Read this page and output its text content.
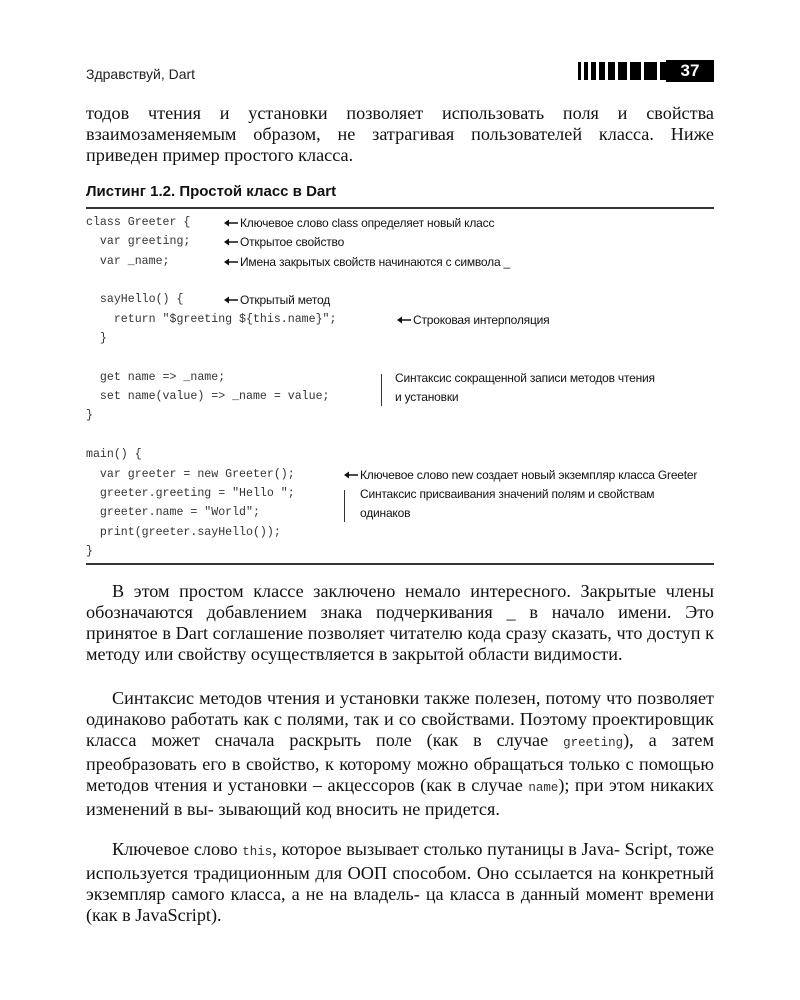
Здравствуй, Dart	37

тодов чтения и установки позволяет использовать поля и свойства взаимозаменяемым образом, не затрагивая пользователей класса. Ниже приведен пример простого класса.

Листинг 1.2. Простой класс в Dart
class Greeter {
var greeting;
var _name;
sayHello() {
return "$greeting ${this.name}";
}
get name => _name;
set name(value) => _name = value;
}
main() {
var greeter = new Greeter();
greeter.greeting = "Hello ";
greeter.name = "World";
print(greeter.sayHello());
}
Ключевое слово class определяет новый класс
Открытое свойство
Имена закрытых свойств начинаются с символа _
Открытый метод
Строковая интерполяция
Синтаксис сокращенной записи методов чтения
и установки
Ключевое слово new создает новый экземпляр класса Greeter
Синтаксис присваивания значений полям и свойствам
одинаков

В этом простом классе заключено немало интересного. Закрытые члены обозначаются добавлением знака подчеркивания _ в начало имени. Это принятое в Dart соглашение позволяет читателю кода сразу сказать, что доступ к методу или свойству осуществляется в закрытой области видимости.

Синтаксис методов чтения и установки также полезен, потому что позволяет одинаково работать как с полями, так и со свойствами. Поэтому проектировщик класса может сначала раскрыть поле (как в случае greeting), а затем преобразовать его в свойство, к которому можно обращаться только с помощью методов чтения и установки – акцессоров (как в случае name); при этом никаких изменений в вы- зывающий код вносить не придется.

Ключевое слово this, которое вызывает столько путаницы в Java- Script, тоже используется традиционным для ООП способом. Оно ссылается на конкретный экземпляр самого класса, а не на владель- ца класса в данный момент времени (как в JavaScript).
